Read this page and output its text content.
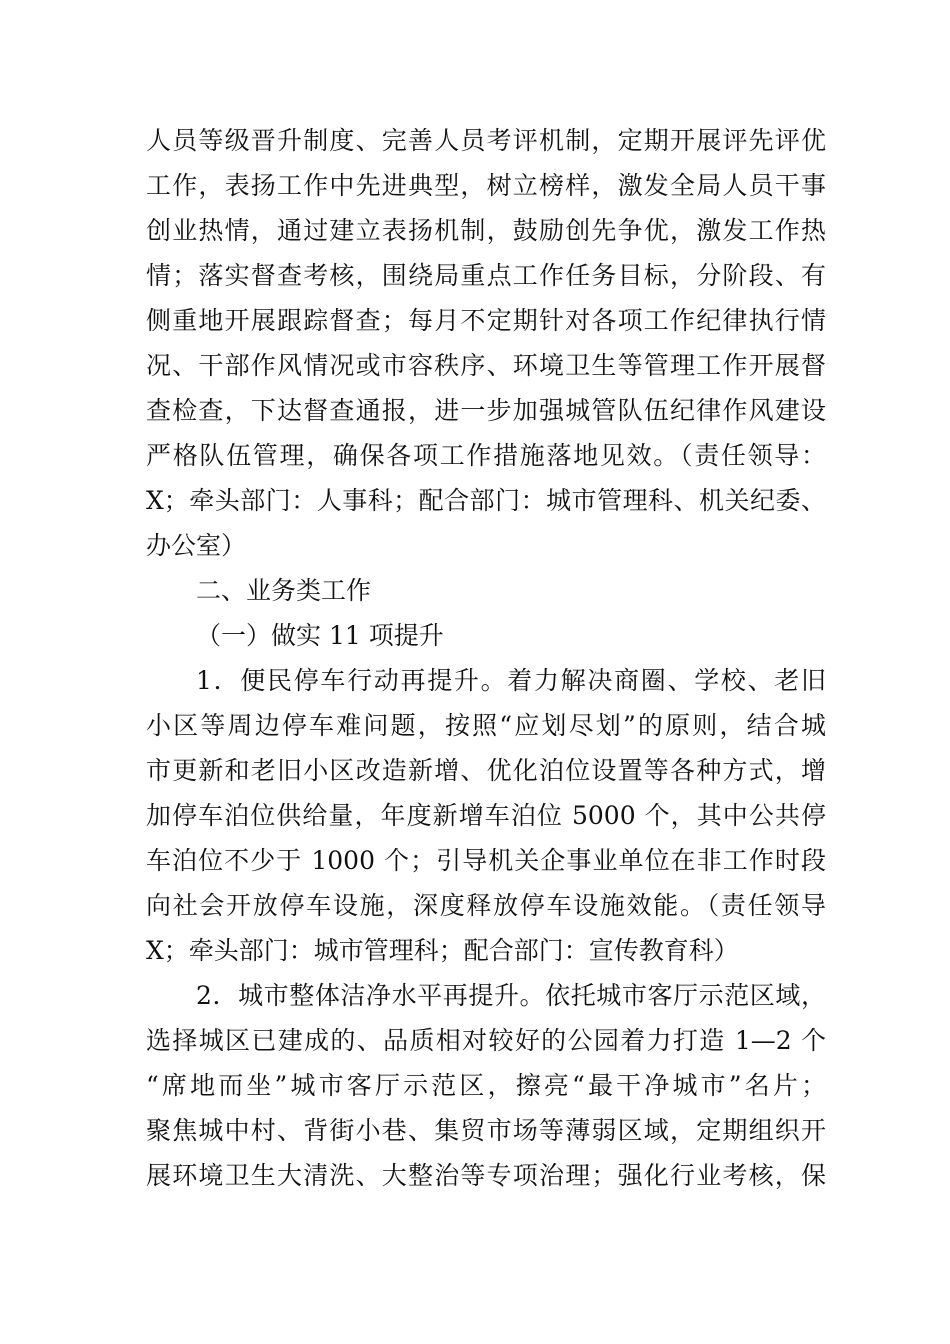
人员等级晋升制度、完善人员考评机制，定期开展评先评优
工作，表扬工作中先进典型，树立榜样，激发全局人员干事
创业热情，通过建立表扬机制，鼓励创先争优，激发工作热
情；落实督查考核，围绕局重点工作任务目标，分阶段、有
侧重地开展跟踪督查；每月不定期针对各项工作纪律执行情
况、干部作风情况或市容秩序、环境卫生等管理工作开展督
查检查，下达督查通报，进一步加强城管队伍纪律作风建设
严格队伍管理，确保各项工作措施落地见效。（责任领导：
X；牵头部门：人事科；配合部门：城市管理科、机关纪委、
办公室）
二、业务类工作
（一）做实 11 项提升
1．便民停车行动再提升。着力解决商圈、学校、老旧
小区等周边停车难问题，按照“应划尽划”的原则，结合城
市更新和老旧小区改造新增、优化泊位设置等各种方式，增
加停车泊位供给量，年度新增车泊位 5000 个，其中公共停
车泊位不少于 1000 个；引导机关企事业单位在非工作时段
向社会开放停车设施，深度释放停车设施效能。（责任领导
X；牵头部门：城市管理科；配合部门：宣传教育科）
2．城市整体洁净水平再提升。依托城市客厅示范区域，
选择城区已建成的、品质相对较好的公园着力打造 1—2 个
“席地而坐”城市客厅示范区，擦亮“最干净城市”名片；
聚焦城中村、背街小巷、集贸市场等薄弱区域，定期组织开
展环境卫生大清洗、大整治等专项治理；强化行业考核，保
